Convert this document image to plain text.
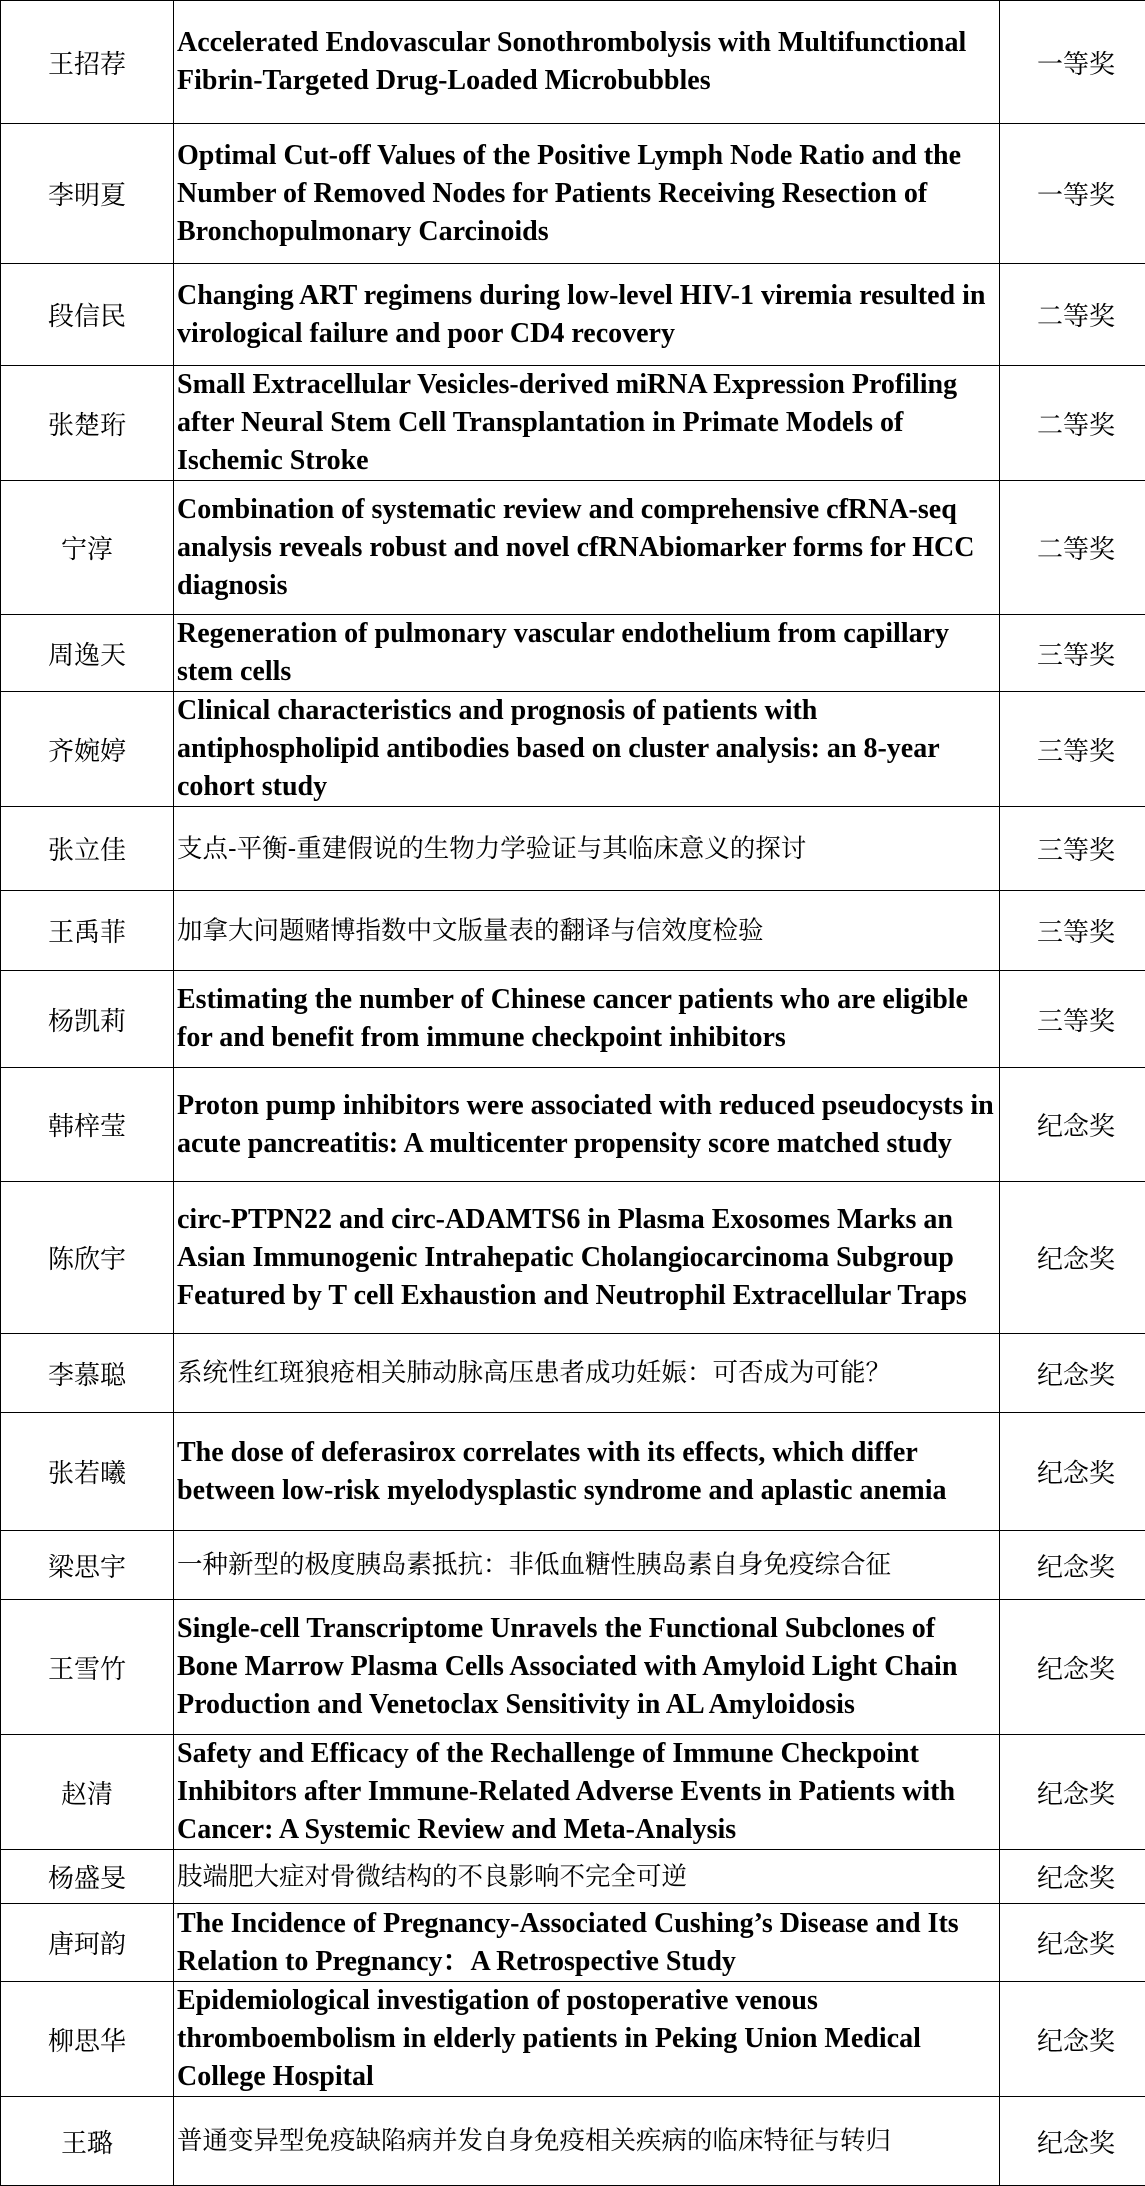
王招荐	Accelerated Endovascular Sonothrombolysis with Multifunctional Fibrin-Targeted Drug-Loaded Microbubbles	一等奖
李明夏	Optimal Cut-off Values of the Positive Lymph Node Ratio and the Number of Removed Nodes for Patients Receiving Resection of Bronchopulmonary Carcinoids	一等奖
段信民	Changing ART regimens during low-level HIV-1 viremia resulted in virological failure and poor CD4 recovery	二等奖
张楚珩	Small Extracellular Vesicles-derived miRNA Expression Profiling after Neural Stem Cell Transplantation in Primate Models of Ischemic Stroke	二等奖
宁淳	Combination of systematic review and comprehensive cfRNA-seq analysis reveals robust and novel cfRNAbiomarker forms for HCC diagnosis	二等奖
周逸天	Regeneration of pulmonary vascular endothelium from capillary stem cells	三等奖
齐婉婷	Clinical characteristics and prognosis of patients with antiphospholipid antibodies based on cluster analysis: an 8-year cohort study	三等奖
张立佳	支点-平衡-重建假说的生物力学验证与其临床意义的探讨	三等奖
王禹菲	加拿大问题赌博指数中文版量表的翻译与信效度检验	三等奖
杨凯莉	Estimating the number of Chinese cancer patients who are eligible for and benefit from immune checkpoint inhibitors	三等奖
韩梓莹	Proton pump inhibitors were associated with reduced pseudocysts in acute pancreatitis: A multicenter propensity score matched study	纪念奖
陈欣宇	circ-PTPN22 and circ-ADAMTS6 in Plasma Exosomes Marks an Asian Immunogenic Intrahepatic Cholangiocarcinoma Subgroup Featured by T cell Exhaustion and Neutrophil Extracellular Traps	纪念奖
李慕聪	系统性红斑狼疮相关肺动脉高压患者成功妊娠：可否成为可能？	纪念奖
张若曦	The dose of deferasirox correlates with its effects, which differ between low-risk myelodysplastic syndrome and aplastic anemia	纪念奖
梁思宇	一种新型的极度胰岛素抵抗：非低血糖性胰岛素自身免疫综合征	纪念奖
王雪竹	Single-cell Transcriptome Unravels the Functional Subclones of Bone Marrow Plasma Cells Associated with Amyloid Light Chain Production and Venetoclax Sensitivity in AL Amyloidosis	纪念奖
赵清	Safety and Efficacy of the Rechallenge of Immune Checkpoint Inhibitors after Immune-Related Adverse Events in Patients with Cancer: A Systemic Review and Meta-Analysis	纪念奖
杨盛旻	肢端肥大症对骨微结构的不良影响不完全可逆	纪念奖
唐珂韵	The Incidence of Pregnancy-Associated Cushing’s Disease and Its Relation to Pregnancy：A Retrospective Study	纪念奖
柳思华	Epidemiological investigation of postoperative venous thromboembolism in elderly patients in Peking Union Medical College Hospital	纪念奖
王璐	普通变异型免疫缺陷病并发自身免疫相关疾病的临床特征与转归	纪念奖
